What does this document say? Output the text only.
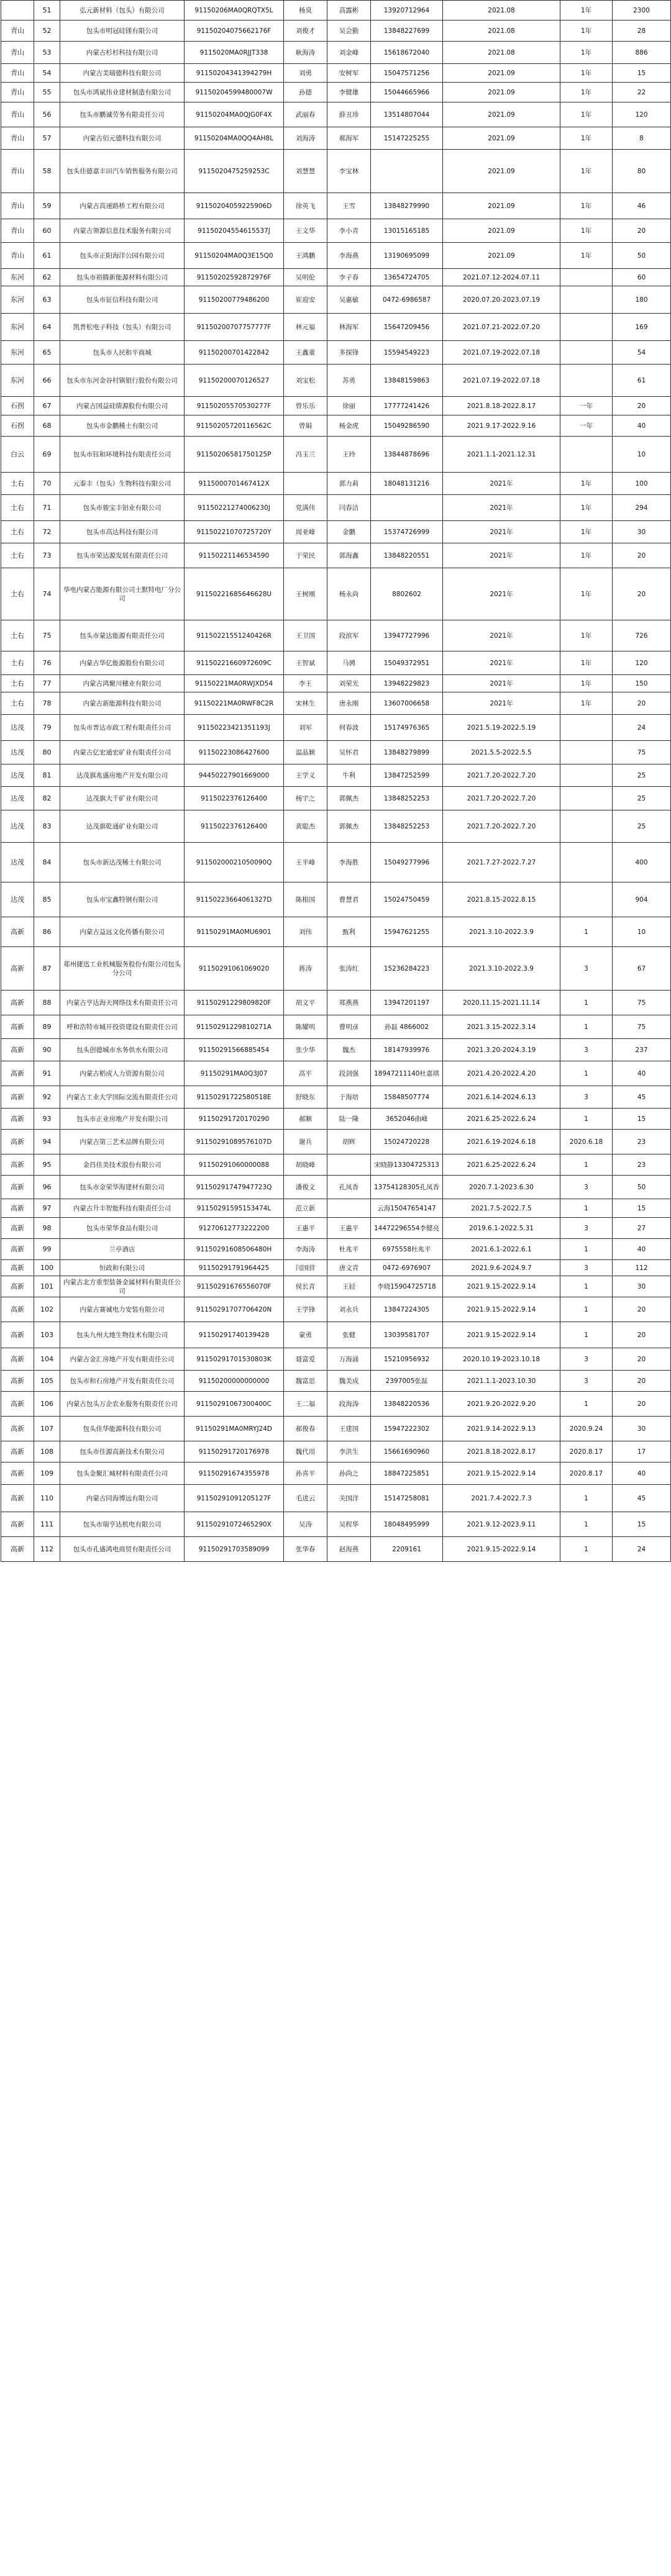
	51	弘元新材料（包头）有限公司	91150206MA0QRQTX5L	杨臭	高露彬	13920712964	2021.08	1年	2300
青山	52	包头市明冠硅镁有限公司	91150204075662176F	刘俊才	吴会勤	13848227699	2021.08	1年	28
青山	53	内蒙古杉杉科技有限公司	9115020MA0RJJT338	耿海涛	刘金峰	15618672040	2021.08	1年	886
青山	54	内蒙古美瑞德科技有限公司	91150204341394279H	刘勇	安树军	15047571256	2021.09	1年	15
青山	55	包头市鸿斌伟业建材制造有限公司	91150204599480007W	孙德	李健雄	15044665966	2021.09	1年	22
青山	56	包头市鹏诚劳务有限责任公司	91150204MA0QJG0F4X	武丽春	薛丑珍	13514807044	2021.09	1年	120
青山	57	内蒙古佰元德科技有限公司	91150204MA0QQ4AH8L	刘海涛	郝海军	15147225255	2021.09	1年	8
青山	58	包头佳德嘉丰田汽车销售服务有限公司	9115020475259253C	刘慧慧	李宝林		2021.09	1年	80
青山	59	内蒙古高速路桥工程有限公司	91150204059225906D	徐英飞	王雪	13848279990	2021.09	1年	46
青山	60	内蒙古领源信息技术服务有限公司	91150204554615537J	王文华	李小青	13015165185	2021.09	1年	20
青山	61	包头市正阳海洋公园有限公司	91150204MA0Q3E15Q0	王鸿鹏	李海燕	13190695099	2021.09	1年	50
东河	62	包头市裕腾新能源材料有限公司	91150202592872976F	吴明伦	李子春	13654724705	2021.07.12-2024.07.11		60
东河	63	包头市征信科技有限公司	91150200779486200	崔迎安	吴惠敏	0472-6986587	2020.07.20-2023.07.19		180
东河	64	凯普松电子科技（包头）有限公司	91150200707757777F	林元福	林海军	15647209456	2021.07.21-2022.07.20		169
东河	65	包头市人民和平商城	91150200701422842	王鑫童	多探锋	15594549223	2021.07.19-2022.07.18		54
东河	66	包头市东河金谷村镇银行股份有限公司	91150200070126527	刘宝松	苏勇	13848159863	2021.07.19-2022.07.18		61
石拐	67	内蒙古国益硅绩源股份有限公司	91150205570530277F	曾乐乐	徐丽	17777241426	2021.8.18-2022.8.17	一年	20
石拐	68	包头市金鹏稀土有限公司	91150205720116562C	曾娟	杨金虎	15049286590	2021.9.17-2022.9.16	一年	40
白云	69	包头市钰和环境科技有限责任公司	91150206581750125P	冯玉兰	王玲	13844878696	2021.1.1-2021.12.31		10
土右	70	元泰丰（包头）生物科技有限公司	9115000701467412X		郭力莉	18048131216	2021年	1年	100
土右	71	包头市骏宝丰铝业有限公司	91150221274006230J	党满伟	闫春洁		2021年	1年	294
土右	72	包头市高达科技有限公司	91150221070725720Y	周亚峰	金鹏	15374726999	2021年	1年	30
土右	73	包头市荣达源发展有限责任公司	91150221146534590	于荣民	郭海鑫	13848220551	2021年	1年	20
土右	74	华电内蒙古能源有限公司土默特电厂分公司	91150221685646628U	王树刚	杨永尚	8802602	2021年	1年	20
土右	75	包头市蒙达能源有限责任公司	91150221551240426R	王卫国	段滨军	13947727996	2021年	1年	726
土右	76	内蒙古华亿能源股份有限公司	91150221660972609C	王智斌	马骋	15049372951	2021年	1年	120
土右	77	内蒙古鸿聚川穗业有限公司	91150221MA0RWJXD54	李王	刘荣光	13948229823	2021年	1年	150
土右	78	内蒙古新能源科技有限公司	91150221MA0RWF8C2R	宋林生	唐永刚	13607006658	2021年	1年	20
达茂	79	包头市普达市政工程有限责任公司	91150223421351193J	刘军	何春波	15174976365	2021.5.19-2022.5.19		24
达茂	80	内蒙古亿宏通宏矿业有限责任公司	91150223086427600	温晶颖	吴怀君	13848279899	2021.5.5-2022.5.5		75
达茂	81	达茂旗兆盛房地产开发有限公司	94450227901669000	王学义	牛利	13847252599	2021.7.20-2022.7.20		25
达茂	82	达茂旗大千矿业有限公司	9115022376126400	杨宇之	郭佩杰	13848252253	2021.7.20-2022.7.20		25
达茂	83	达茂旗乾通矿业有限公司	9115022376126400	黄聪杰	郭佩杰	13848252253	2021.7.20-2022.7.20		25
达茂	84	包头市新达茂稀土有限公司	91150200021050090Q	王平峰	李海胜	15049277996	2021.7.27-2022.7.27		400
达茂	85	包头市宝鑫特钢有限公司	91150223664061327D	陈根国	曹慧君	15024750459	2021.8.15-2022.8.15		904
高新	86	内蒙古益远文化传播有限公司	91150291MA0MU6901	刘伟	甄利	15947621255	2021.3.10-2022.3.9	1	10
高新	87	郑州捷迅工业机械服务股份有限公司包头分公司	91150291061069020	蒋涛	张涛红	15236284223	2021.3.10-2022.3.9	3	67
高新	88	内蒙古亨达海天网络技术有限责任公司	91150291229809820F	胡文平	郑燕燕	13947201197	2020.11.15-2021.11.14	1	75
高新	89	呼和浩特市城开投资建设有限责任公司	91150291229810271A	陈耀明	曹明彦	孙磊 4866002	2021.3.15-2022.3.14	1	75
高新	90	包头创德城市水务供水有限公司	91150291566885454	张少华	魏杰	18147939976	2021.3.20-2024.3.19	3	237
高新	91	内蒙古稻成人力资源有限公司	91150291MA0Q3J07	高平	段剑强	18947211140杜嘉琪	2021.4.20-2022.4.20	1	40
高新	92	内蒙古工业大学国际交流有限责任公司	91150291722580518E	舒晓东	于海培	15848507774	2021.6.14-2024.6.13	3	45
高新	93	包头市正业房地产开发有限公司	91150291720170290	郝顺	陆一隆	3652046曲峰	2021.6.25-2022.6.24	1	15
高新	94	内蒙古第三艺术品牌有限公司	91150291089576107D	谢兵	胡辉	15024720228	2021.6.19-2024.6.18	2020.6.18	23
高新	95	金昌佳美技术股份有限公司	91150291060000088	胡晓峰		宋晓静13304725313	2021.6.25-2022.6.24	1	23
高新	96	包头市金荣华海建材有限公司	91150291747947723Q	潘俊文	孔凤香	13754128305孔凤香	2020.7.1-2023.6.30	3	50
高新	97	内蒙古升丰智能科技有限责任公司	91150291595153474L	范立新		云海15047654147	2021.7.5-2022.7.5	1	15
高新	98	包头市荣华食品有限公司	91270612773222200	王惠平	王惠平	14472296554李健亮	2019.6.1-2022.5.31	3	27
高新	99	兰亭酒店	91150291608506480H	李海涛	杜兆平	6975558杜兆平	2021.6.1-2022.6.1	1	40
高新	100	恒政和有限公司	91150291791964425	闫国营	唐文青	0472-6976907	2021.9.6-2024.9.7	3	112
高新	101	内蒙古北方重型装备金属材料有限责任公司	91150291676556070F	侯长青	王轻	李晓15904725718	2021.9.15-2022.9.14	1	30
高新	102	内蒙古赛诚电力安装有限公司	91150291707706420N	王学锋	刘永兵	13847224305	2021.9.15-2022.9.14	1	20
高新	103	包头九州大地生物技术有限公司	91150291740139428	蒙勇	张健	13039581707	2021.9.15-2022.9.14	1	20
高新	104	内蒙古金汇房地产开发有限责任公司	91150291701530803K	聂富爱	万海涌	15210956932	2020.10.19-2023.10.18	3	20
高新	105	包头市和石房地产开发有限责任公司	91150200000000000	魏富思	魏美成	2397005张磊	2021.1.1-2023.10.30	3	20
高新	106	内蒙古包头万企农业服务有限责任公司	91150291067300400C	王二福	段海涛	13848220536	2021.9.20-2022.9.20	1	20
高新	107	包头佳华能源科技有限公司	91150291MA0MRYJ24D	郝俊春	王建国	15947222302	2021.9.14-2022.9.13	2020.9.24	30
高新	108	包头市佳源高新技术有限公司	91150291720176978	魏代用	李洪生	15661690960	2021.8.18-2022.8.17	2020.8.17	17
高新	109	包头金聚汇城材料有限责任公司	91150291674355978	孙喜平	孙尚之	18847225851	2021.9.15-2022.9.14	2020.8.17	40
高新	110	内蒙古同海博远有限公司	91150291091205127F	毛进云	关国洋	15147258081	2021.7.4-2022.7.3	1	45
高新	111	包头市瑞亨达机电有限公司	91150291072465290X	吴涛	吴程华	18048495999	2021.9.12-2023.9.11	1	15
高新	112	包头市孔盛鸿电商贸有限责任公司	91150291703589099	张华春	赵海燕	2209161	2021.9.15-2022.9.14	1	24
